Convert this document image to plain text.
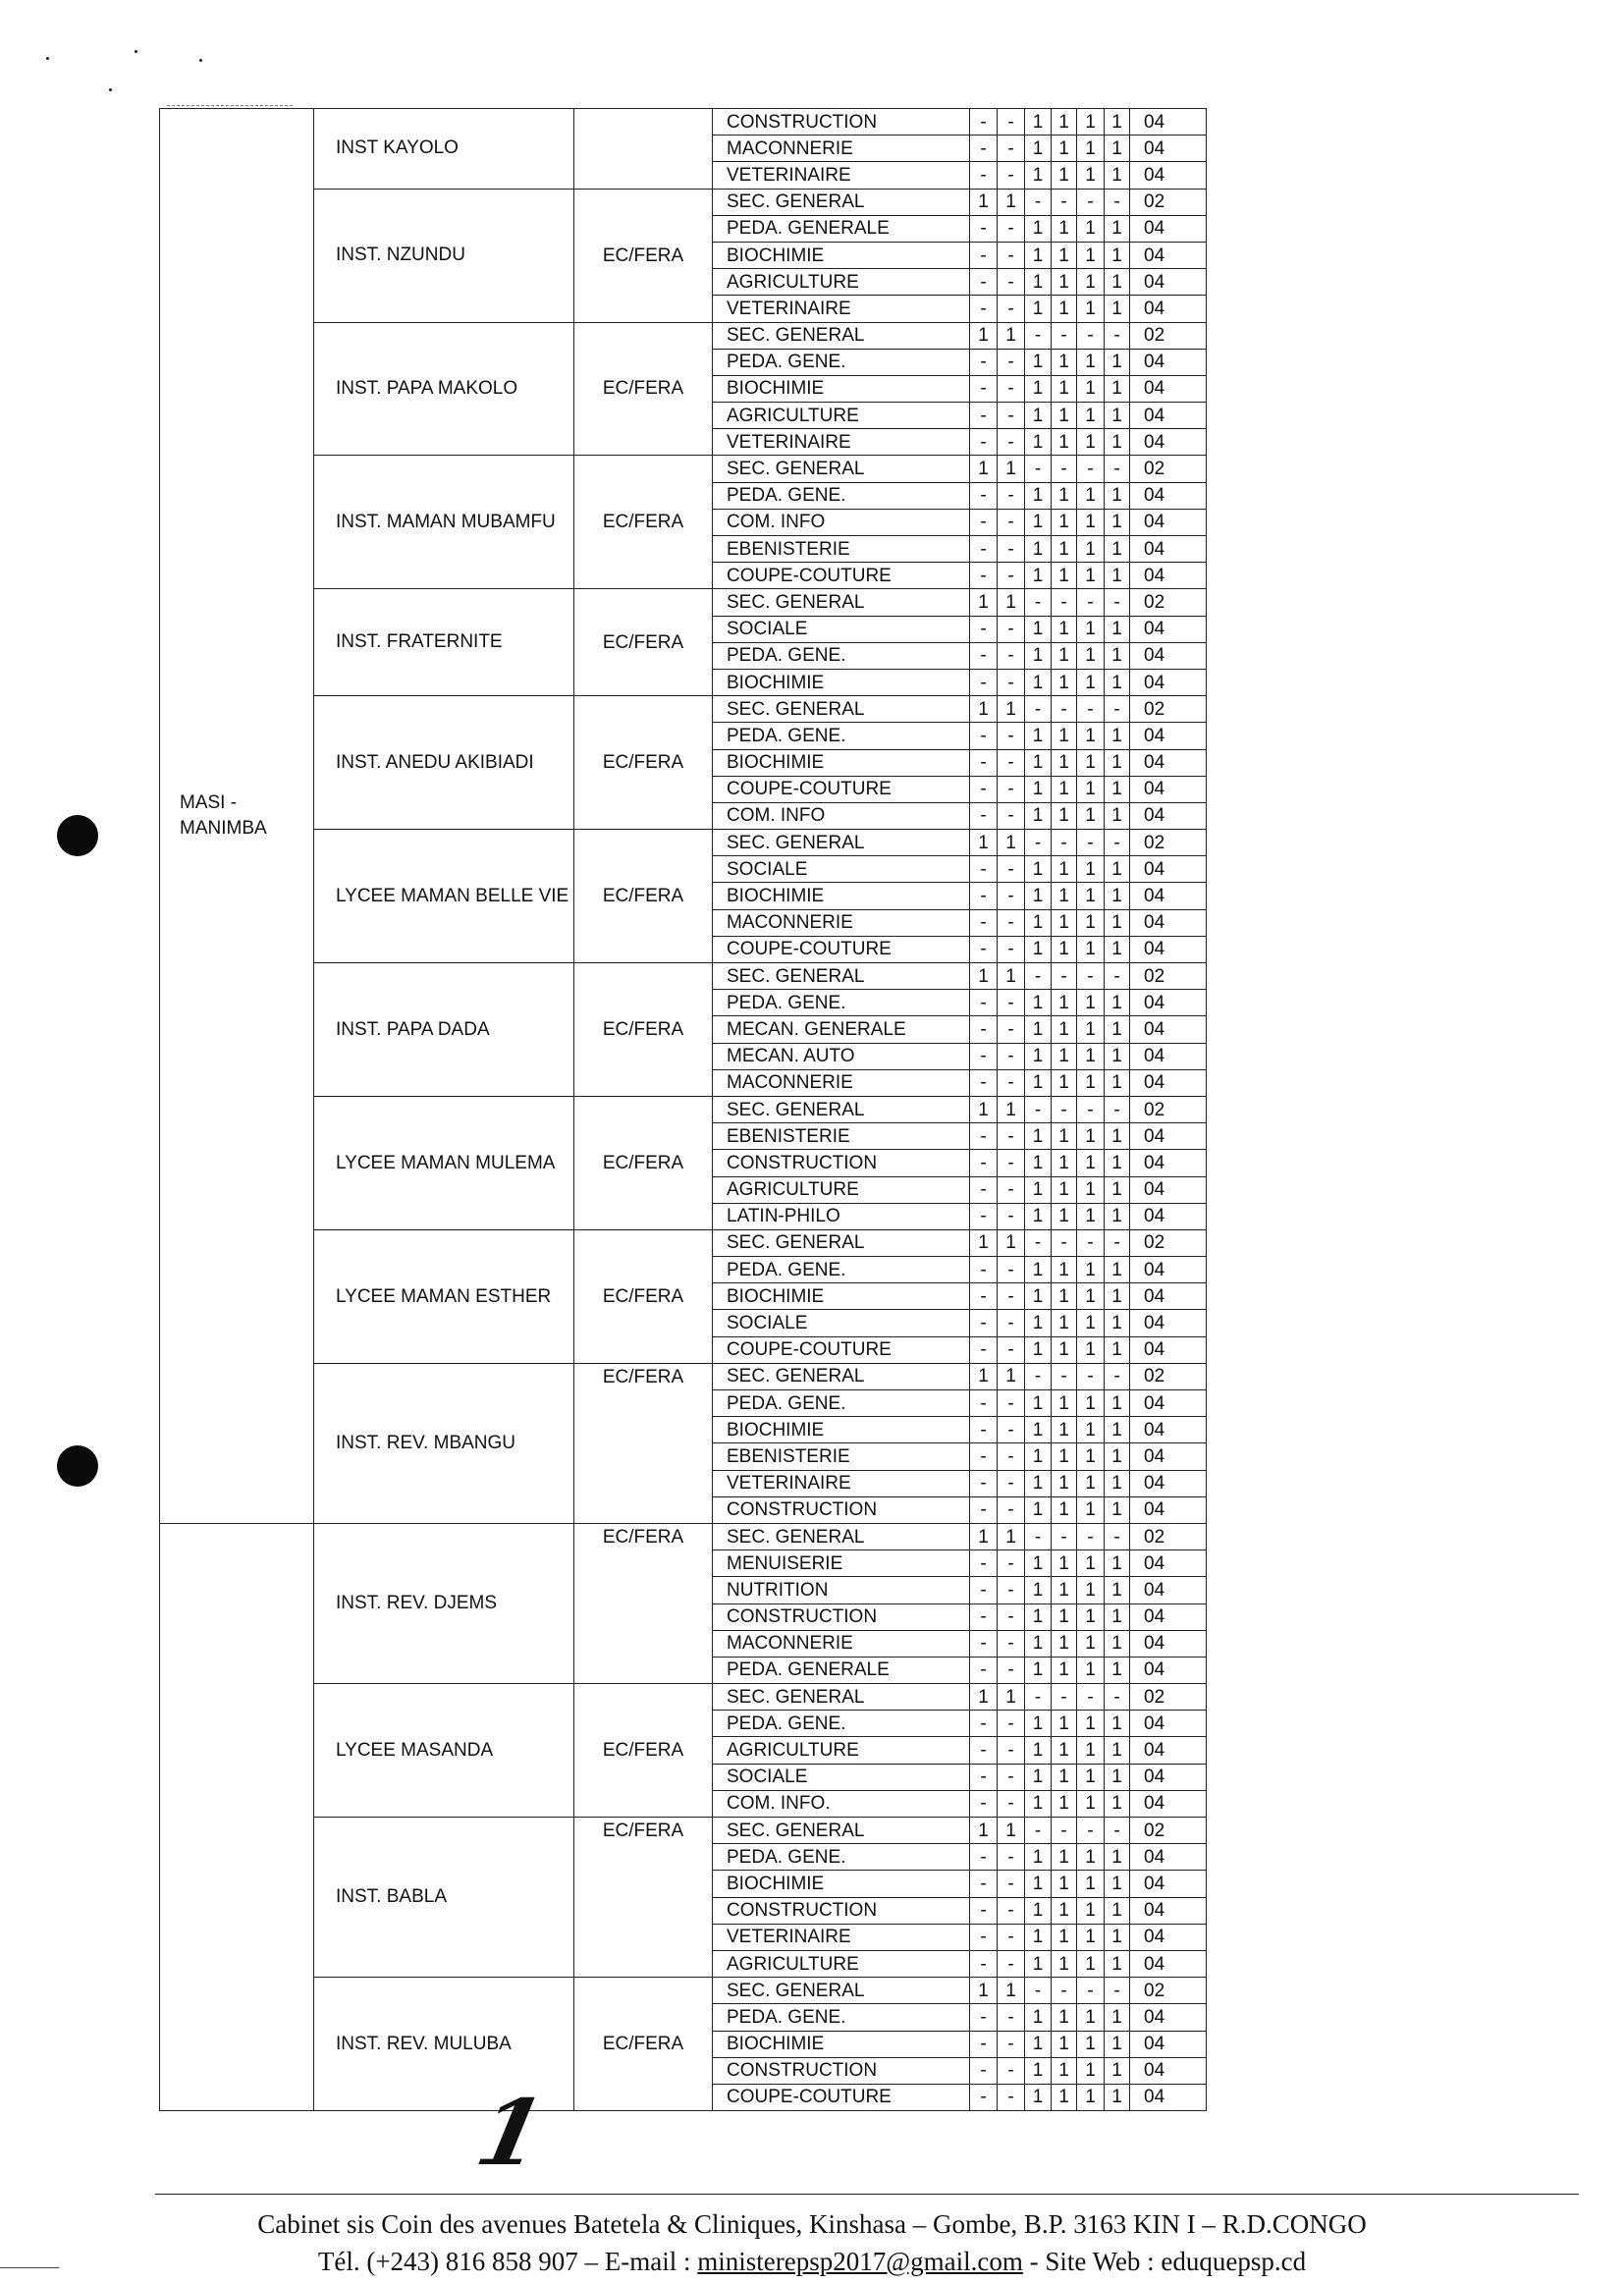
MASI - MANIMBA	INST KAYOLO		CONSTRUCTION	-	-	1	1	1	1	04
			MACONNERIE	-	-	1	1	1	1	04
			VETERINAIRE	-	-	1	1	1	1	04
	INST. NZUNDU	EC/FERA	SEC. GENERAL	1	1	-	-	-	-	02
			PEDA. GENERALE	-	-	1	1	1	1	04
			BIOCHIMIE	-	-	1	1	1	1	04
			AGRICULTURE	-	-	1	1	1	1	04
			VETERINAIRE	-	-	1	1	1	1	04
	INST. PAPA MAKOLO	EC/FERA	SEC. GENERAL	1	1	-	-	-	-	02
			PEDA. GENE.	-	-	1	1	1	1	04
			BIOCHIMIE	-	-	1	1	1	1	04
			AGRICULTURE	-	-	1	1	1	1	04
			VETERINAIRE	-	-	1	1	1	1	04
	INST. MAMAN MUBAMFU	EC/FERA	SEC. GENERAL	1	1	-	-	-	-	02
			PEDA. GENE.	-	-	1	1	1	1	04
			COM. INFO	-	-	1	1	1	1	04
			EBENISTERIE	-	-	1	1	1	1	04
			COUPE-COUTURE	-	-	1	1	1	1	04
	INST. FRATERNITE	EC/FERA	SEC. GENERAL	1	1	-	-	-	-	02
			SOCIALE	-	-	1	1	1	1	04
			PEDA. GENE.	-	-	1	1	1	1	04
			BIOCHIMIE	-	-	1	1	1	1	04
	INST. ANEDU AKIBIADI	EC/FERA	SEC. GENERAL	1	1	-	-	-	-	02
			PEDA. GENE.	-	-	1	1	1	1	04
			BIOCHIMIE	-	-	1	1	1	1	04
			COUPE-COUTURE	-	-	1	1	1	1	04
			COM. INFO	-	-	1	1	1	1	04
	LYCEE MAMAN BELLE VIE	EC/FERA	SEC. GENERAL	1	1	-	-	-	-	02
			SOCIALE	-	-	1	1	1	1	04
			BIOCHIMIE	-	-	1	1	1	1	04
			MACONNERIE	-	-	1	1	1	1	04
			COUPE-COUTURE	-	-	1	1	1	1	04
	INST. PAPA DADA	EC/FERA	SEC. GENERAL	1	1	-	-	-	-	02
			PEDA. GENE.	-	-	1	1	1	1	04
			MECAN. GENERALE	-	-	1	1	1	1	04
			MECAN. AUTO	-	-	1	1	1	1	04
			MACONNERIE	-	-	1	1	1	1	04
	LYCEE MAMAN MULEMA	EC/FERA	SEC. GENERAL	1	1	-	-	-	-	02
			EBENISTERIE	-	-	1	1	1	1	04
			CONSTRUCTION	-	-	1	1	1	1	04
			AGRICULTURE	-	-	1	1	1	1	04
			LATIN-PHILO	-	-	1	1	1	1	04
	LYCEE MAMAN ESTHER	EC/FERA	SEC. GENERAL	1	1	-	-	-	-	02
			PEDA. GENE.	-	-	1	1	1	1	04
			BIOCHIMIE	-	-	1	1	1	1	04
			SOCIALE	-	-	1	1	1	1	04
			COUPE-COUTURE	-	-	1	1	1	1	04
	INST. REV. MBANGU	EC/FERA	SEC. GENERAL	1	1	-	-	-	-	02
			PEDA. GENE.	-	-	1	1	1	1	04
			BIOCHIMIE	-	-	1	1	1	1	04
			EBENISTERIE	-	-	1	1	1	1	04
			VETERINAIRE	-	-	1	1	1	1	04
			CONSTRUCTION	-	-	1	1	1	1	04
	INST. REV. DJEMS	EC/FERA	SEC. GENERAL	1	1	-	-	-	-	02
			MENUISERIE	-	-	1	1	1	1	04
			NUTRITION	-	-	1	1	1	1	04
			CONSTRUCTION	-	-	1	1	1	1	04
			MACONNERIE	-	-	1	1	1	1	04
			PEDA. GENERALE	-	-	1	1	1	1	04
	LYCEE MASANDA	EC/FERA	SEC. GENERAL	1	1	-	-	-	-	02
			PEDA. GENE.	-	-	1	1	1	1	04
			AGRICULTURE	-	-	1	1	1	1	04
			SOCIALE	-	-	1	1	1	1	04
			COM. INFO.	-	-	1	1	1	1	04
	INST. BABLA	EC/FERA	SEC. GENERAL	1	1	-	-	-	-	02
			PEDA. GENE.	-	-	1	1	1	1	04
			BIOCHIMIE	-	-	1	1	1	1	04
			CONSTRUCTION	-	-	1	1	1	1	04
			VETERINAIRE	-	-	1	1	1	1	04
			AGRICULTURE	-	-	1	1	1	1	04
	INST. REV. MULUBA	EC/FERA	SEC. GENERAL	1	1	-	-	-	-	02
			PEDA. GENE.	-	-	1	1	1	1	04
			BIOCHIMIE	-	-	1	1	1	1	04
			CONSTRUCTION	-	-	1	1	1	1	04
			COUPE-COUTURE	-	-	1	1	1	1	04
1
Cabinet sis Coin des avenues Batetela & Cliniques, Kinshasa – Gombe, B.P. 3163 KIN I – R.D.CONGO
Tél. (+243) 816 858 907 – E-mail : ministerepsp2017@gmail.com - Site Web : eduquepsp.cd
